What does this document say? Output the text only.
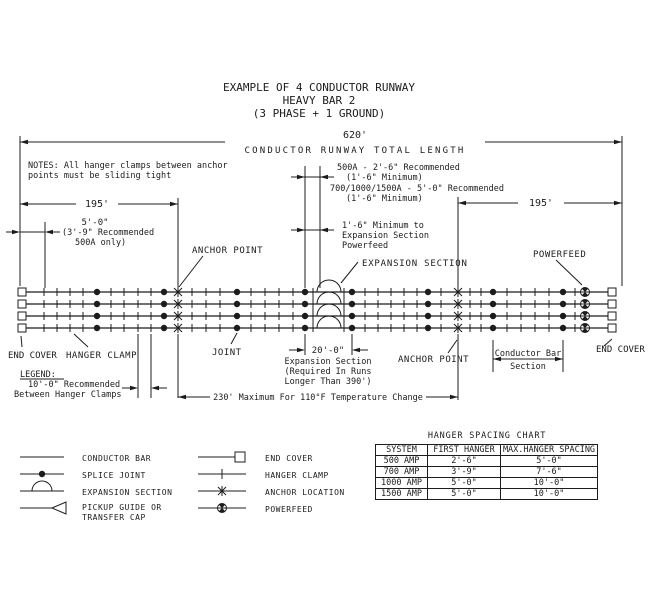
EXAMPLE OF 4 CONDUCTOR RUNWAY
HEAVY BAR 2
(3 PHASE + 1 GROUND)
620'
CONDUCTOR RUNWAY TOTAL LENGTH
NOTES: All hanger clamps between anchor
points must be sliding tight
195'	195'
5'-0"
(3'-9" Recommended
500A only)
500A - 2'-6" Recommended
(1'-6" Minimum)
700/1000/1500A - 5'-0" Recommended
(1'-6" Minimum)
1'-6" Minimum to
Expansion Section
Powerfeed
ANCHOR POINT
EXPANSION SECTION
POWERFEED
END COVER HANGER CLAMP	JOINT
ANCHOR POINT
END COVER
20'-0"
Expansion Section
(Required In Runs
Longer Than 390')
Conductor Bar
Section
LEGEND:
10'-0" Recommended
Between Hanger Clamps	230' Maximum For 110°F Temperature Change
CONDUCTOR BAR
SPLICE JOINT
EXPANSION SECTION
PICKUP GUIDE OR
TRANSFER CAP
END COVER
HANGER CLAMP
ANCHOR LOCATION
POWERFEED
HANGER SPACING CHART
SYSTEM	FIRST HANGER	MAX.HANGER SPACING
500 AMP	2'-6"	5'-0"
700 AMP	3'-9"	7'-6"
1000 AMP	5'-0"	10'-0"
1500 AMP	5'-0"	10'-0"
